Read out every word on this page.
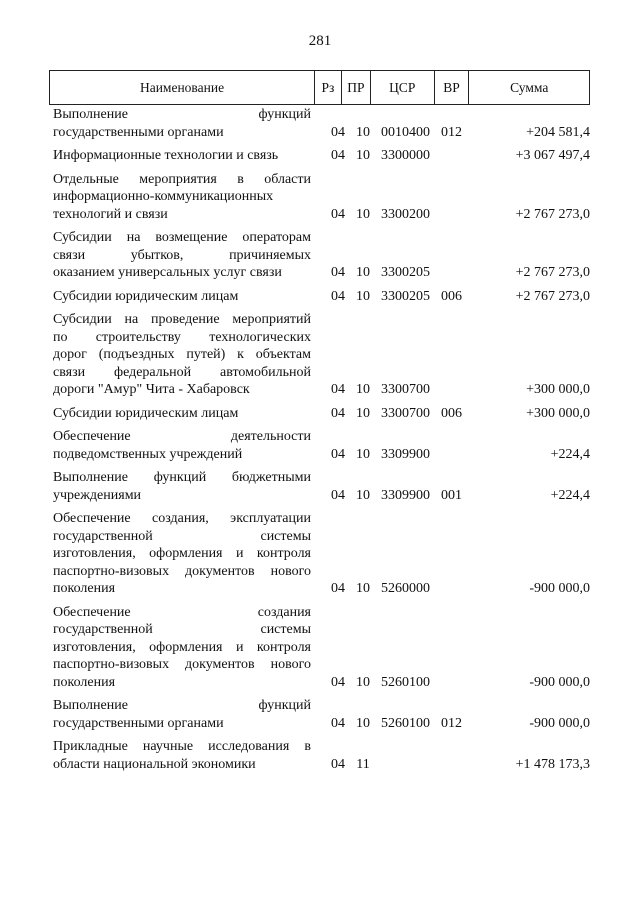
281
Наименование	Рз ПР	ЦСР	ВР	Сумма
Выполнение функций
государственными органами	04 10 0010400 012	+204 581,4
Информационные технологии и связь	04 10 3300000	+3 067 497,4
Отдельные мероприятия в области
информационно-коммуникационных
технологий и связи	04 10 3300200	+2 767 273,0
Субсидии на возмещение операторам
связи убытков, причиняемых
оказанием универсальных услуг связи	04 10 3300205	+2 767 273,0
Субсидии юридическим лицам	04 10 3300205 006	+2 767 273,0
Субсидии на проведение мероприятий
по строительству технологических
дорог (подъездных путей) к объектам
связи федеральной автомобильной
дороги "Амур" Чита - Хабаровск	04 10 3300700	+300 000,0
Субсидии юридическим лицам	04 10 3300700 006	+300 000,0
Обеспечение деятельности
подведомственных учреждений	04 10 3309900	+224,4
Выполнение функций бюджетными
учреждениями	04 10 3309900 001	+224,4
Обеспечение создания, эксплуатации
государственной системы
изготовления, оформления и контроля
паспортно-визовых документов нового
поколения	04 10 5260000	-900 000,0
Обеспечение создания
государственной системы
изготовления, оформления и контроля
паспортно-визовых документов нового
поколения	04 10 5260100	-900 000,0
Выполнение функций
государственными органами	04 10 5260100 012	-900 000,0
Прикладные научные исследования в
области национальной экономики	04 11	+1 478 173,3
